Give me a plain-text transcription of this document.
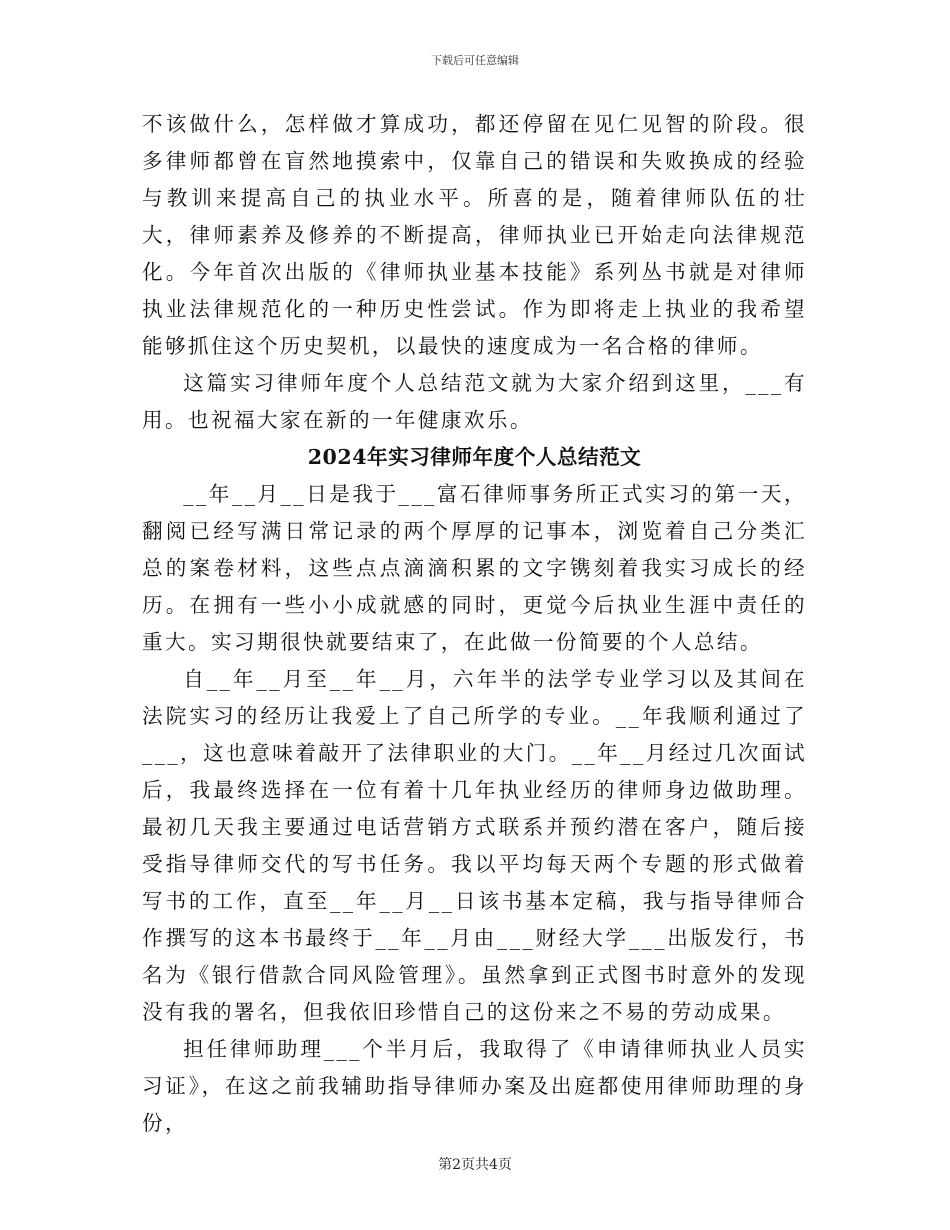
下载后可任意编辑

不该做什么，怎样做才算成功，都还停留在见仁见智的阶段。很多律师都曾在盲然地摸索中，仅靠自己的错误和失败换成的经验与教训来提高自己的执业水平。所喜的是，随着律师队伍的壮大，律师素养及修养的不断提高，律师执业已开始走向法律规范化。今年首次出版的《律师执业基本技能》系列丛书就是对律师执业法律规范化的一种历史性尝试。作为即将走上执业的我希望能够抓住这个历史契机，以最快的速度成为一名合格的律师。

这篇实习律师年度个人总结范文就为大家介绍到这里，___有用。也祝福大家在新的一年健康欢乐。

2024年实习律师年度个人总结范文

__年__月__日是我于___富石律师事务所正式实习的第一天，翻阅已经写满日常记录的两个厚厚的记事本，浏览着自己分类汇总的案卷材料，这些点点滴滴积累的文字镌刻着我实习成长的经历。在拥有一些小小成就感的同时，更觉今后执业生涯中责任的重大。实习期很快就要结束了，在此做一份简要的个人总结。

自__年__月至__年__月，六年半的法学专业学习以及其间在法院实习的经历让我爱上了自己所学的专业。__年我顺利通过了___，这也意味着敲开了法律职业的大门。__年__月经过几次面试后，我最终选择在一位有着十几年执业经历的律师身边做助理。最初几天我主要通过电话营销方式联系并预约潜在客户，随后接受指导律师交代的写书任务。我以平均每天两个专题的形式做着写书的工作，直至__年__月__日该书基本定稿，我与指导律师合作撰写的这本书最终于__年__月由___财经大学___出版发行，书名为《银行借款合同风险管理》。虽然拿到正式图书时意外的发现没有我的署名，但我依旧珍惜自己的这份来之不易的劳动成果。

担任律师助理___个半月后，我取得了《申请律师执业人员实习证》，在这之前我辅助指导律师办案及出庭都使用律师助理的身份，

第2页共4页
